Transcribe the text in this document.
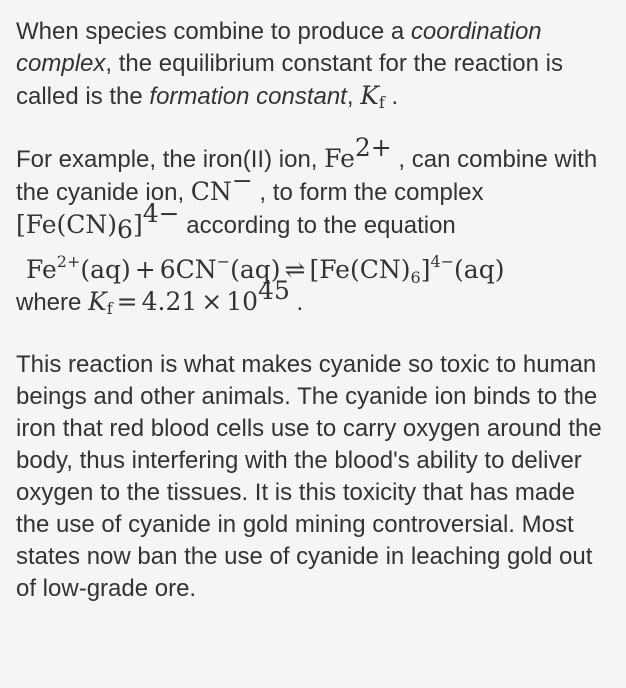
When species combine to produce a coordination complex, the equilibrium constant for the reaction is called is the formation constant, Kf .

For example, the iron(II) ion, $Fe^{2+}$ , can combine with the cyanide ion, CN− , to form the complex $[Fe(CN)_6]^{4-}$ according to the equation

$Fe^{2+}(aq) + 6CN^-(aq)$ ⇌ $[Fe(CN)_6]^{4-}(aq)$

where $Kf = 4.21 \times 10^{45}$ .

This reaction is what makes cyanide so toxic to human beings and other animals. The cyanide ion binds to the iron that red blood cells use to carry oxygen around the body, thus interfering with the blood's ability to deliver oxygen to the tissues. It is this toxicity that has made the use of cyanide in gold mining controversial. Most states now ban the use of cyanide in leaching gold out of low-grade ore.
